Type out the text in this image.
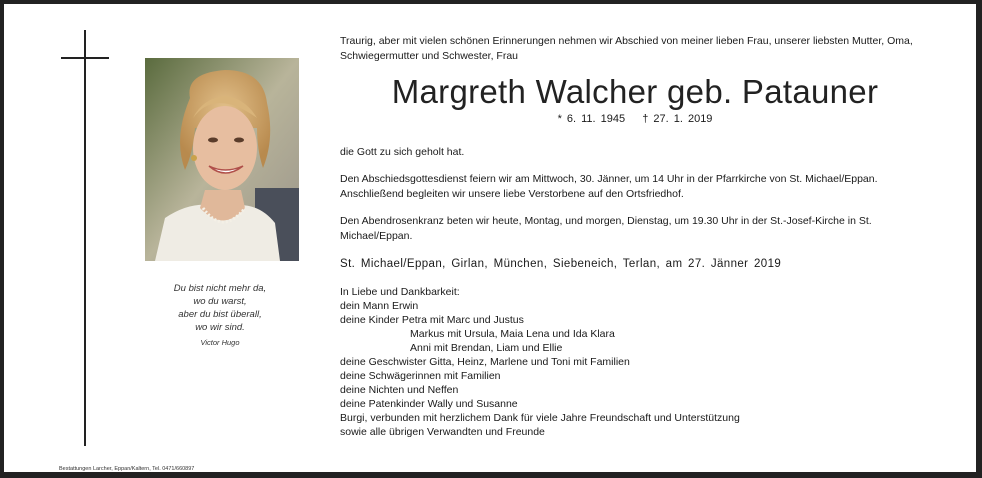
Du bist nicht mehr da,
wo du warst,
aber du bist überall,
wo wir sind.
Victor Hugo
Bestattungen Larcher, Eppan/Kaltern, Tel. 0471/660897

Traurig, aber mit vielen schönen Erinnerungen nehmen wir Abschied von meiner lieben Frau, unserer liebsten Mutter, Oma, Schwiegermutter und Schwester, Frau

Margreth Walcher geb. Patauner
* 6. 11. 1945 † 27. 1. 2019

die Gott zu sich geholt hat.

Den Abschiedsgottesdienst feiern wir am Mittwoch, 30. Jänner, um 14 Uhr in der Pfarrkirche von St. Michael/Eppan. Anschließend begleiten wir unsere liebe Verstorbene auf den Ortsfriedhof.

Den Abendrosenkranz beten wir heute, Montag, und morgen, Dienstag, um 19.30 Uhr in der St.-Josef-Kirche in St. Michael/Eppan.

St. Michael/Eppan, Girlan, München, Siebeneich, Terlan, am 27. Jänner 2019
In Liebe und Dankbarkeit:
dein Mann Erwin
deine Kinder Petra mit Marc und Justus
Markus mit Ursula, Maia Lena und Ida Klara
Anni mit Brendan, Liam und Ellie
deine Geschwister Gitta, Heinz, Marlene und Toni mit Familien
deine Schwägerinnen mit Familien
deine Nichten und Neffen
deine Patenkinder Wally und Susanne
Burgi, verbunden mit herzlichem Dank für viele Jahre Freundschaft und Unterstützung
sowie alle übrigen Verwandten und Freunde
